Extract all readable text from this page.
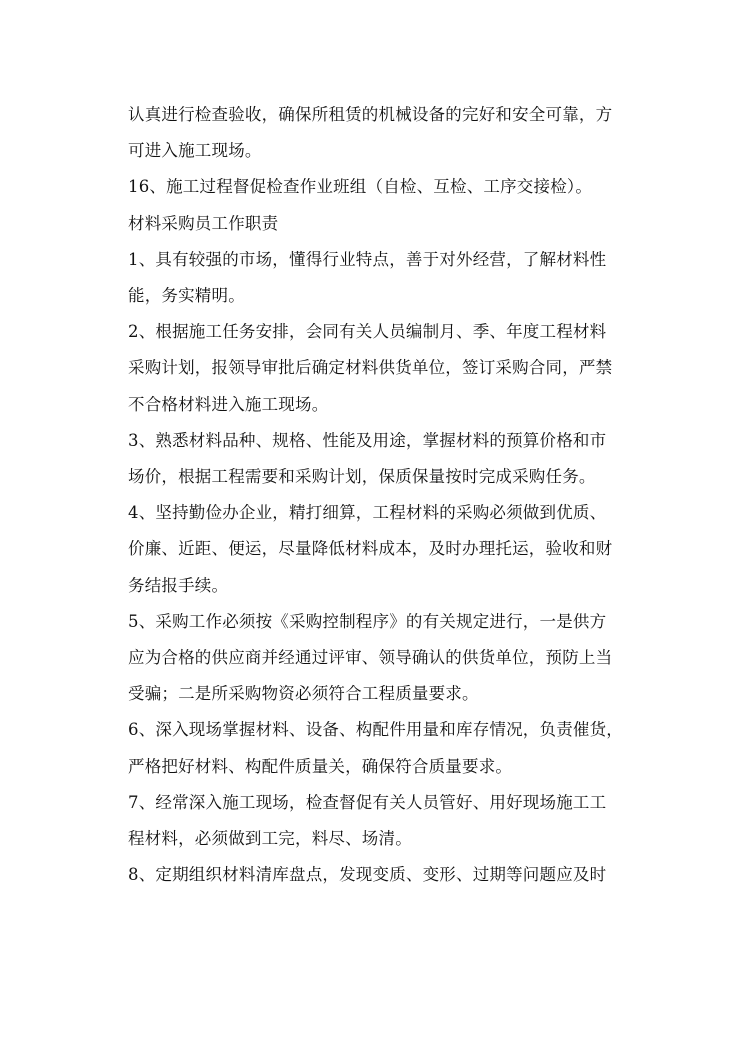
认真进行检查验收，确保所租赁的机械设备的完好和安全可靠，方
可进入施工现场。
16、施工过程督促检查作业班组（自检、互检、工序交接检）。
材料采购员工作职责
1、具有较强的市场，懂得行业特点，善于对外经营，了解材料性
能，务实精明。
2、根据施工任务安排，会同有关人员编制月、季、年度工程材料
采购计划，报领导审批后确定材料供货单位，签订采购合同，严禁
不合格材料进入施工现场。
3、熟悉材料品种、规格、性能及用途，掌握材料的预算价格和市
场价，根据工程需要和采购计划，保质保量按时完成采购任务。
4、坚持勤俭办企业，精打细算，工程材料的采购必须做到优质、
价廉、近距、便运，尽量降低材料成本，及时办理托运，验收和财
务结报手续。
5、采购工作必须按《采购控制程序》的有关规定进行，一是供方
应为合格的供应商并经通过评审、领导确认的供货单位，预防上当
受骗；二是所采购物资必须符合工程质量要求。
6、深入现场掌握材料、设备、构配件用量和库存情况，负责催货，
严格把好材料、构配件质量关，确保符合质量要求。
7、经常深入施工现场，检查督促有关人员管好、用好现场施工工
程材料，必须做到工完，料尽、场清。
8、定期组织材料清库盘点，发现变质、变形、过期等问题应及时
